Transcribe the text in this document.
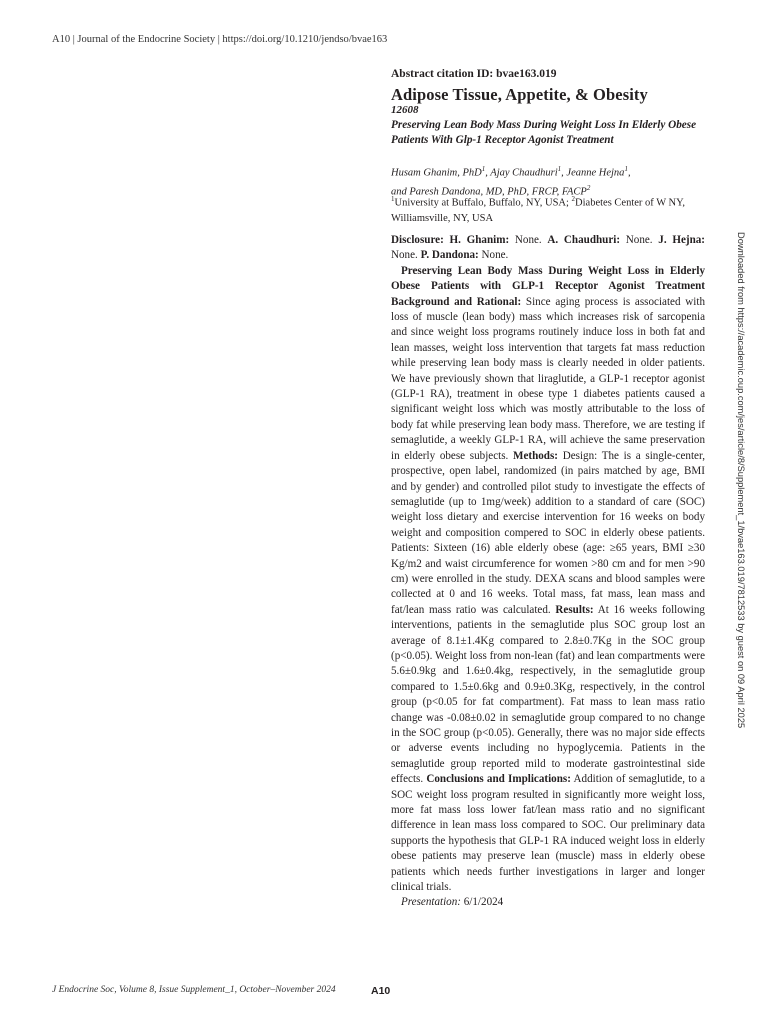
A10 | Journal of the Endocrine Society | https://doi.org/10.1210/jendso/bvae163
Abstract citation ID: bvae163.019
Adipose Tissue, Appetite, & Obesity
12608
Preserving Lean Body Mass During Weight Loss In Elderly Obese Patients With Glp-1 Receptor Agonist Treatment
Husam Ghanim, PhD$^1$, Ajay Chaudhuri$^1$, Jeanne Hejna$^1$,
and Paresh Dandona, MD, PhD, FRCP, FACP$^2$
$^1$University at Buffalo, Buffalo, NY, USA; $^2$Diabetes Center of W NY, Williamsville, NY, USA

Disclosure: H. Ghanim: None. A. Chaudhuri: None. J. Hejna: None. P. Dandona: None.

Preserving Lean Body Mass During Weight Loss in Elderly Obese Patients with GLP-1 Receptor Agonist Treatment Background and Rational: Since aging process is associated with loss of muscle (lean body) mass which increases risk of sarcopenia and since weight loss programs routinely induce loss in both fat and lean masses, weight loss intervention that targets fat mass reduction while preserving lean body mass is clearly needed in older patients. We have previously shown that liraglutide, a GLP-1 receptor agonist (GLP-1 RA), treatment in obese type 1 diabetes patients caused a significant weight loss which was mostly attributable to the loss of body fat while preserving lean body mass. Therefore, we are testing if semaglutide, a weekly GLP-1 RA, will achieve the same preservation in elderly obese subjects. Methods: Design: The is a single-center, prospective, open label, randomized (in pairs matched by age, BMI and by gender) and controlled pilot study to investigate the effects of semaglutide (up to 1mg/week) addition to a standard of care (SOC) weight loss dietary and exercise intervention for 16 weeks on body weight and composition compered to SOC in elderly obese patients. Patients: Sixteen (16) able elderly obese (age: ≥65 years, BMI ≥30 Kg/m2 and waist circumference for women >80 cm and for men >90 cm) were enrolled in the study. DEXA scans and blood samples were collected at 0 and 16 weeks. Total mass, fat mass, lean mass and fat/lean mass ratio was calculated. Results: At 16 weeks following interventions, patients in the semaglutide plus SOC group lost an average of 8.1±1.4Kg compared to 2.8±0.7Kg in the SOC group (p<0.05). Weight loss from non-lean (fat) and lean compartments were 5.6±0.9kg and 1.6±0.4kg, respectively, in the semaglutide group compared to 1.5±0.6kg and 0.9±0.3Kg, respectively, in the control group (p<0.05 for fat compartment). Fat mass to lean mass ratio change was -0.08±0.02 in semaglutide group compared to no change in the SOC group (p<0.05). Generally, there was no major side effects or adverse events including no hypoglycemia. Patients in the semaglutide group reported mild to moderate gastrointestinal side effects. Conclusions and Implications: Addition of semaglutide, to a SOC weight loss program resulted in significantly more weight loss, more fat mass loss lower fat/lean mass ratio and no significant difference in lean mass loss compared to SOC. Our preliminary data supports the hypothesis that GLP-1 RA induced weight loss in elderly obese patients may preserve lean (muscle) mass in elderly obese patients which needs further investigations in larger and longer clinical trials.

Presentation: 6/1/2024

Downloaded from https://academic.oup.com/jes/article/8/Supplement_1/bvae163.019/7812533 by guest on 09 April 2025
J Endocrine Soc, Volume 8, Issue Supplement_1, October–November 2024	A10
